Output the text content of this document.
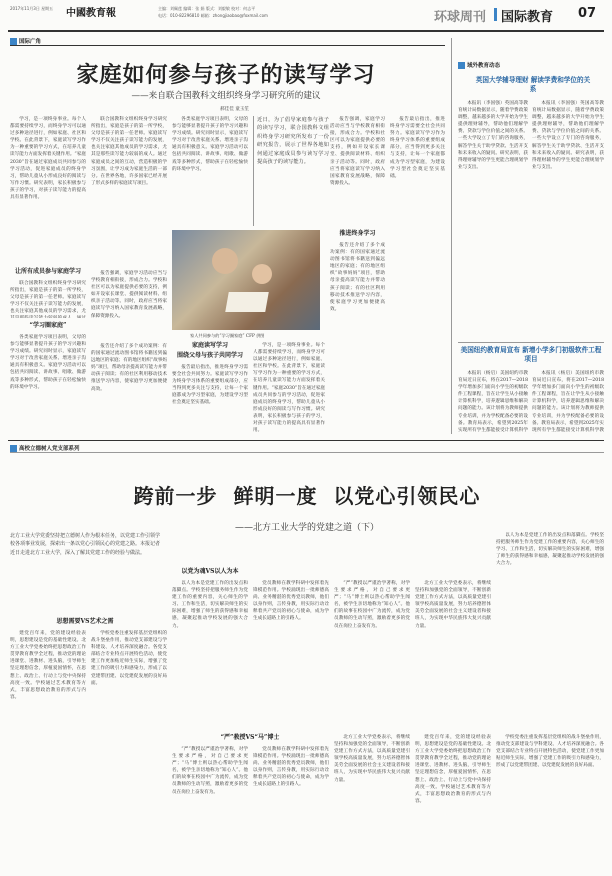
2017年11月3日 星期五 中國教育報	主编：刘佩莲 编辑：张 娟 版式：刘毅敏 校对：何志平
电话：010-82296810 邮箱：zhongjiaobao@foxmail.com	环球周刊 国际教育 07
国际广角
家庭如何参与孩子的读写学习
——来自联合国教科文组织终身学习研究所的建议
郝佳佳 童玉笙

学习，是一项终身事业。每个人都需要持续学习，而终身学习可以通过多种途径进行，例如家庭、社区和学校。在此背景下，家庭读写学习作为一种重要的学习方式，在培养儿童读写能力方面发挥着关键作用。“家庭2030”旨在通过家庭成员共同参与的学习活动，促进家庭成员的终身学习，帮助儿童从小形成良好的阅读与写作习惯。研究表明，家长积极参与孩子的学习，对孩子读写能力的提高具有显著作用。

让所有成员参与家庭学习

联合国教科文组织终身学习研究所指出，家庭是孩子的第一所学校，父母是孩子的第一任老师。家庭读写学习不仅关注孩子读写能力的发展，也关注家庭其他成员的学习需求，尤

“学习圈家庭”

各类家庭学习项目表明，父母的参与能够显著提升孩子的学习兴趣和学习成绩。研究同时显示，家庭读写学习对于改善家庭关系、增进亲子沟通具有积极意义。家庭学习活动可以包括共同阅读、讲故事、唱歌、做游戏等多种形式，帮助孩子在轻松愉快的环境中学习。

联合国教科文组织终身学习研究所指出，家庭是孩子的第一所学校，父母是孩子的第一任老师。家庭读写学习不仅关注孩子读写能力的发展，也关注家庭其他成员的学习需求，尤其是那些读写能力较弱的成人。通过家庭成员之间的互动，营造积极的学习氛围，让学习成为家庭生活的一部分。在世界各地，许多国家已经开展了形式多样的家庭读写项目。

各类家庭学习项目表明，父母的参与能够显著提升孩子的学习兴趣和学习成绩。研究同时显示，家庭读写学习对于改善家庭关系、增进亲子沟通具有积极意义。家庭学习活动可以包括共同阅读、讲故事、唱歌、做游戏等多种形式，帮助孩子在轻松愉快的环境中学习。

近日，为了倡导家庭参与孩子的读写学习，联合国教科文组织终身学习研究所发布了一份研究报告，展示了世界各地如何通过家庭成员参与读写学习提高孩子的读写能力。
家人共同参与的“学习圈家庭” CFP 供图

报告强调，家庭学习活动应当与学校教育相衔接，形成合力。学校和社区可以为家庭提供必要的支持，例如开设家长课堂、提供阅读材料、组织亲子活动等。同时，政府应当将家庭读写学习纳入国家教育发展战略，保障资源投入。

报告还介绍了多个成功案例：有的国家通过流动图书馆将书籍送到偏远地区的家庭；有的地区组织“故事妈妈”项目，帮助母亲提高读写能力并带动孩子阅读；有的社区利用移动技术推送学习内容，使家庭学习更加便捷高效。

家庭读写学习
围绕父母与孩子共同学习

报告最后指出，推进终身学习需要全社会共同努力。家庭读写学习作为终身学习体系的重要组成部分，应当得到更多关注与支持，让每一个家庭都成为学习型家庭，为建设学习型社会奠定坚实基础。

学习，是一项终身事业。每个人都需要持续学习，而终身学习可以通过多种途径进行，例如家庭、社区和学校。在此背景下，家庭读写学习作为一种重要的学习方式，在培养儿童读写能力方面发挥着关键作用。“家庭2030”旨在通过家庭成员共同参与的学习活动，促进家庭成员的终身学习，帮助儿童从小形成良好的阅读与写作习惯。研究表明，家长积极参与孩子的学习，对孩子读写能力的提高具有显著作用。

报告强调，家庭学习活动应当与学校教育相衔接，形成合力。学校和社区可以为家庭提供必要的支持，例如开设家长课堂、提供阅读材料、组织亲子活动等。同时，政府应当将家庭读写学习纳入国家教育发展战略，保障资源投入。

推进终身学习

报告还介绍了多个成功案例：有的国家通过流动图书馆将书籍送到偏远地区的家庭；有的地区组织“故事妈妈”项目，帮助母亲提高读写能力并带动孩子阅读；有的社区利用移动技术推送学习内容，使家庭学习更加便捷高效。

报告最后指出，推进终身学习需要全社会共同努力。家庭读写学习作为终身学习体系的重要组成部分，应当得到更多关注与支持，让每一个家庭都成为学习型家庭，为建设学习型社会奠定坚实基础。

域外教育动态
英国大学辅导理财 解读学费和学位的关系

本报讯（李国强）英国高等教育统计局数据显示，随着学费政策调整，越来越多的大学开始为学生提供理财辅导，帮助他们理解学费、贷款与学位价值之间的关系。一些大学设立了专门的咨询服务，解答学生关于助学贷款、生活开支和未来收入的疑问。研究表明，获得理财辅导的学生更能合理规划学业与支出。

本报讯（李国强）英国高等教育统计局数据显示，随着学费政策调整，越来越多的大学开始为学生提供理财辅导，帮助他们理解学费、贷款与学位价值之间的关系。一些大学设立了专门的咨询服务，解答学生关于助学贷款、生活开支和未来收入的疑问。研究表明，获得理财辅导的学生更能合理规划学业与支出。

美国纽约教育局宣布 新增小学多门初级软件工程项目

本报讯（杨启）美国纽约市教育局近日宣布，将在2017—2018学年增加多门面向小学生的初级软件工程课程，旨在让学生从小接触计算机科学，培养逻辑思维和解决问题的能力。该计划将为教师提供专业培训，并为学校配备必要的设备。教育局表示，希望到2025年实现所有学生都能接受计算机科学

本报讯（杨启）美国纽约市教育局近日宣布，将在2017—2018学年增加多门面向小学生的初级软件工程课程，旨在让学生从小接触计算机科学，培养逻辑思维和解决问题的能力。该计划将为教师提供专业培训，并为学校配备必要的设备。教育局表示，希望到2025年实现所有学生都能接受计算机科学教

高校立德树人党支部系列
跨前一步  鲜明一度  以党心引领民心
——北方工业大学的党建之道（下）
北方工业大学党委坚持把立德树人作为根本任务，以党建工作引领学校各项事业发展，探索出一条以党心引领民心的党建之路。本报记者近日走进北方工业大学，深入了解其党建工作的经验与做法。
思想需要VS艺术之需

建党百年来，党的建设经验表明，思想建设是党的基础性建设。北方工业大学党委始终把思想政治工作贯穿教育教学全过程，推动党的理论进课堂、进教材、进头脑，引导师生坚定理想信念，厚植爱国情怀，在思想上、政治上、行动上与党中央保持高度一致。学校通过艺术教育等方式，丰富思想政治教育的形式与内容。

学校党委注重发挥基层党组织的战斗堡垒作用，推动党支部建设与学科建设、人才培养深度融合。各党支部结合专业特点开展特色活动，使党建工作更加贴近师生实际，增强了党建工作的吸引力和感染力，形成了以党建带团建、以党建促发展的良好局面。

以党为魂VS以人为本

以人为本是党建工作的出发点和落脚点。学校坚持把服务师生作为党建工作的重要内容，关心师生的学习、工作和生活，切实解决师生的实际困难，增强了师生的获得感和幸福感，凝聚起推动学校发展的强大合力。

党员教师在教学科研中发挥着先锋模范作用。学校涌现出一批师德高尚、业务精湛的优秀党员教师，他们以身作则，言传身教，用实际行动诠释着共产党员的初心与使命，成为学生成长道路上的引路人。

“严”教授以严谨治学著称，对学生要求严格，对自己要求更严；“马”博士则以热心帮助学生闻名，被学生亲切地称为“知心人”。他们的故事在校园中广为流传，成为党员教师的生动写照，激励着更多的党员在岗位上奋发有为。

北方工业大学党委表示，将继续坚持和加强党的全面领导，不断创新党建工作方式方法，以高质量党建引领学校高质量发展，努力培养德智体美劳全面发展的社会主义建设者和接班人，为实现中华民族伟大复兴贡献力量。

以人为本是党建工作的出发点和落脚点。学校坚持把服务师生作为党建工作的重要内容，关心师生的学习、工作和生活，切实解决师生的实际困难，增强了师生的获得感和幸福感，凝聚起推动学校发展的强大合力。

“严”教授VS“马”博士

“严”教授以严谨治学著称，对学生要求严格，对自己要求更严；“马”博士则以热心帮助学生闻名，被学生亲切地称为“知心人”。他们的故事在校园中广为流传，成为党员教师的生动写照，激励着更多的党员在岗位上奋发有为。

党员教师在教学科研中发挥着先锋模范作用。学校涌现出一批师德高尚、业务精湛的优秀党员教师，他们以身作则，言传身教，用实际行动诠释着共产党员的初心与使命，成为学生成长道路上的引路人。

北方工业大学党委表示，将继续坚持和加强党的全面领导，不断创新党建工作方式方法，以高质量党建引领学校高质量发展，努力培养德智体美劳全面发展的社会主义建设者和接班人，为实现中华民族伟大复兴贡献力量。

建党百年来，党的建设经验表明，思想建设是党的基础性建设。北方工业大学党委始终把思想政治工作贯穿教育教学全过程，推动党的理论进课堂、进教材、进头脑，引导师生坚定理想信念，厚植爱国情怀，在思想上、政治上、行动上与党中央保持高度一致。学校通过艺术教育等方式，丰富思想政治教育的形式与内容。

学校党委注重发挥基层党组织的战斗堡垒作用，推动党支部建设与学科建设、人才培养深度融合。各党支部结合专业特点开展特色活动，使党建工作更加贴近师生实际，增强了党建工作的吸引力和感染力，形成了以党建带团建、以党建促发展的良好局面。
